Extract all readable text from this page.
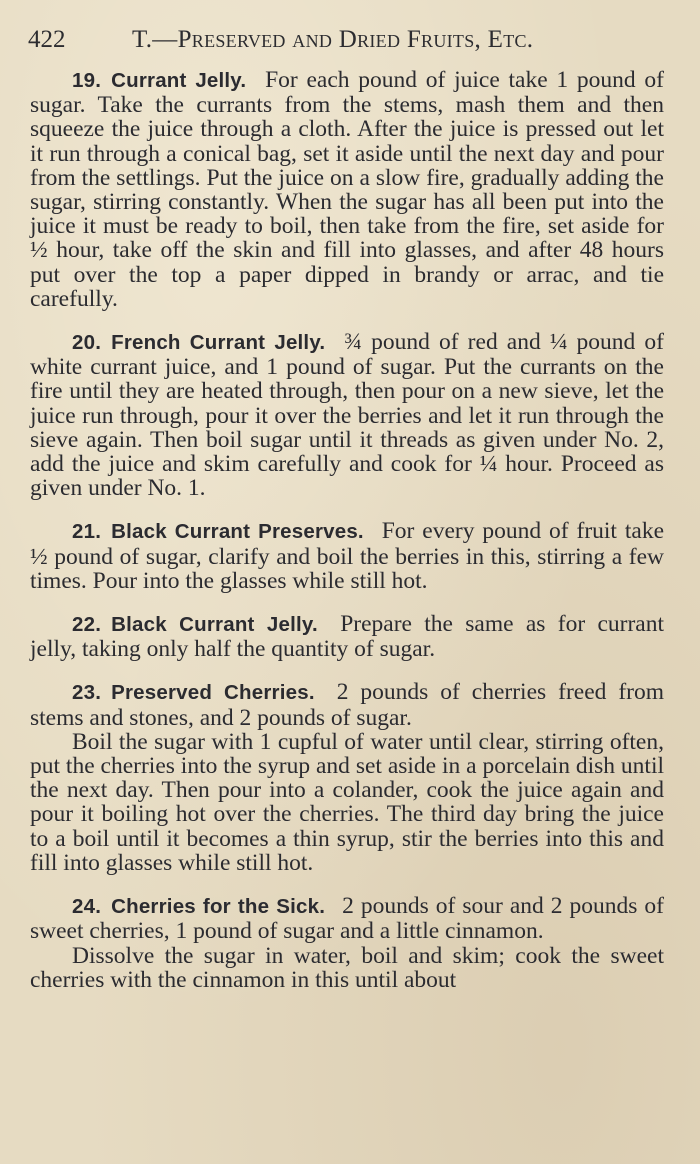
422	T.—Preserved and Dried Fruits, Etc.

19. Currant Jelly. For each pound of juice take 1 pound of sugar. Take the currants from the stems, mash them and then squeeze the juice through a cloth. After the juice is pressed out let it run through a conical bag, set it aside until the next day and pour from the settlings. Put the juice on a slow fire, gradually adding the sugar, stirring constantly. When the sugar has all been put into the juice it must be ready to boil, then take from the fire, set aside for ½ hour, take off the skin and fill into glasses, and after 48 hours put over the top a paper dipped in brandy or arrac, and tie carefully.

20. French Currant Jelly. ¾ pound of red and ¼ pound of white currant juice, and 1 pound of sugar. Put the currants on the fire until they are heated through, then pour on a new sieve, let the juice run through, pour it over the berries and let it run through the sieve again. Then boil sugar until it threads as given under No. 2, add the juice and skim carefully and cook for ¼ hour. Proceed as given under No. 1.

21. Black Currant Preserves. For every pound of fruit take ½ pound of sugar, clarify and boil the berries in this, stirring a few times. Pour into the glasses while still hot.

22. Black Currant Jelly. Prepare the same as for currant jelly, taking only half the quantity of sugar.

23. Preserved Cherries. 2 pounds of cherries freed from stems and stones, and 2 pounds of sugar.

Boil the sugar with 1 cupful of water until clear, stirring often, put the cherries into the syrup and set aside in a porcelain dish until the next day. Then pour into a colander, cook the juice again and pour it boiling hot over the cherries. The third day bring the juice to a boil until it becomes a thin syrup, stir the berries into this and fill into glasses while still hot.

24. Cherries for the Sick. 2 pounds of sour and 2 pounds of sweet cherries, 1 pound of sugar and a little cinnamon.

Dissolve the sugar in water, boil and skim; cook the sweet cherries with the cinnamon in this until about
